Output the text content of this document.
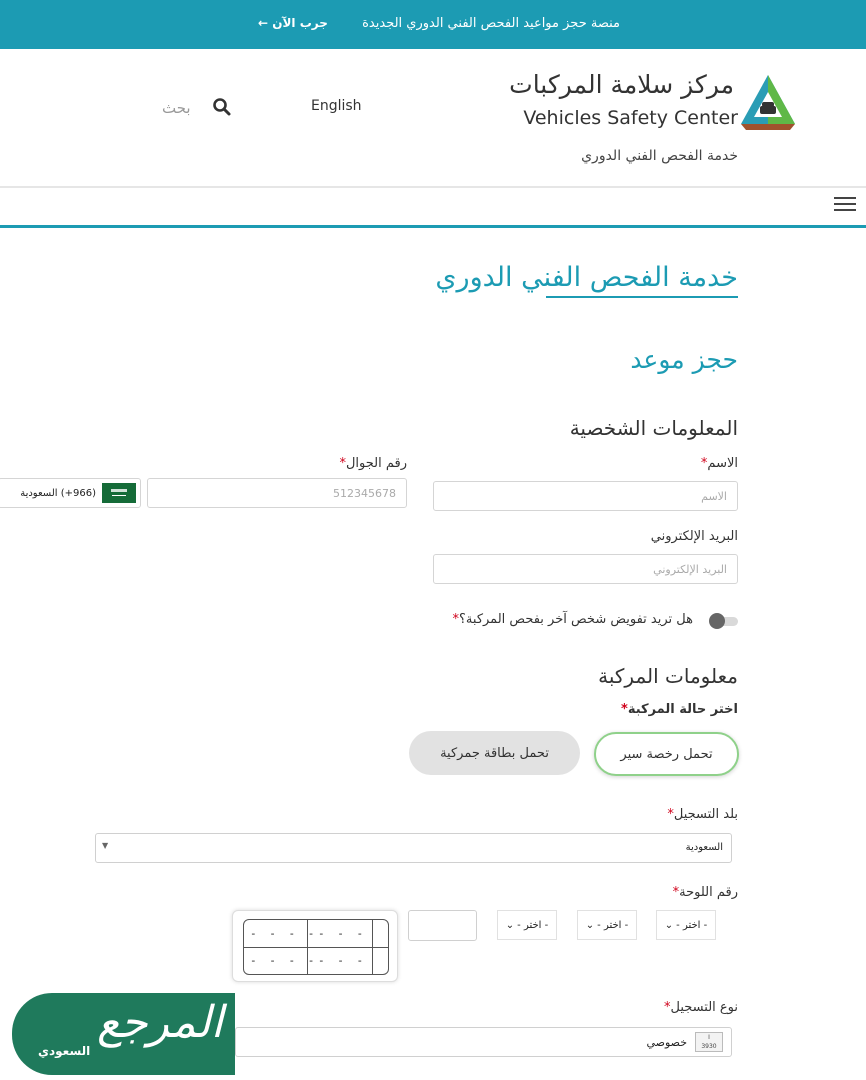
منصة حجز مواعيد الفحص الفني الدوري الجديدة
جرب الآن ←
مركز سلامة المركبات
Vehicles Safety Center
خدمة الفحص الفني الدوري
English
بحث
خدمة الفحص الفني الدوري
حجز موعد
المعلومات الشخصية
الاسم*
الاسم
رقم الجوال*
512345678
(966+) السعودية
البريد الإلكتروني
البريد الإلكتروني
هل تريد تفويض شخص آخر بفحص المركبة؟*
معلومات المركبة
اختر حالة المركبة*
تحمل رخصة سير
تحمل بطاقة جمركية
بلد التسجيل*
السعودية
▼
رقم اللوحة*
- اختر -
⌄
- اختر -
⌄
- اختر -
⌄
- - - - - - -
- - - - - - -
نوع التسجيل*
I
3930
خصوصي
المرجع
السعودي
